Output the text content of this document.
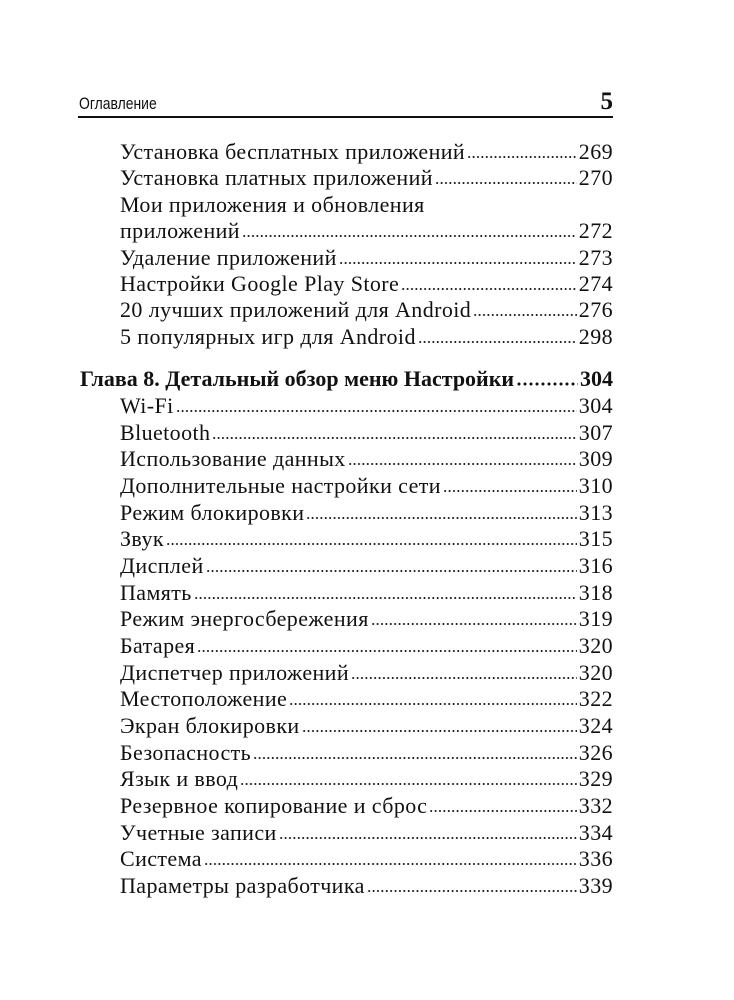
Оглавление	5
Установка бесплатных приложений	269
Установка платных приложений	270
Мои приложения и обновления
приложений	272
Удаление приложений	273
Настройки Google Play Store	274
20 лучших приложений для Android	276
5 популярных игр для Android	298
Глава 8. Детальный обзор меню Настройки	304
Wi-Fi	304
Bluetooth	307
Использование данных	309
Дополнительные настройки сети	310
Режим блокировки	313
Звук	315
Дисплей	316
Память	318
Режим энергосбережения	319
Батарея	320
Диспетчер приложений	320
Местоположение	322
Экран блокировки	324
Безопасность	326
Язык и ввод	329
Резервное копирование и сброс	332
Учетные записи	334
Система	336
Параметры разработчика	339
